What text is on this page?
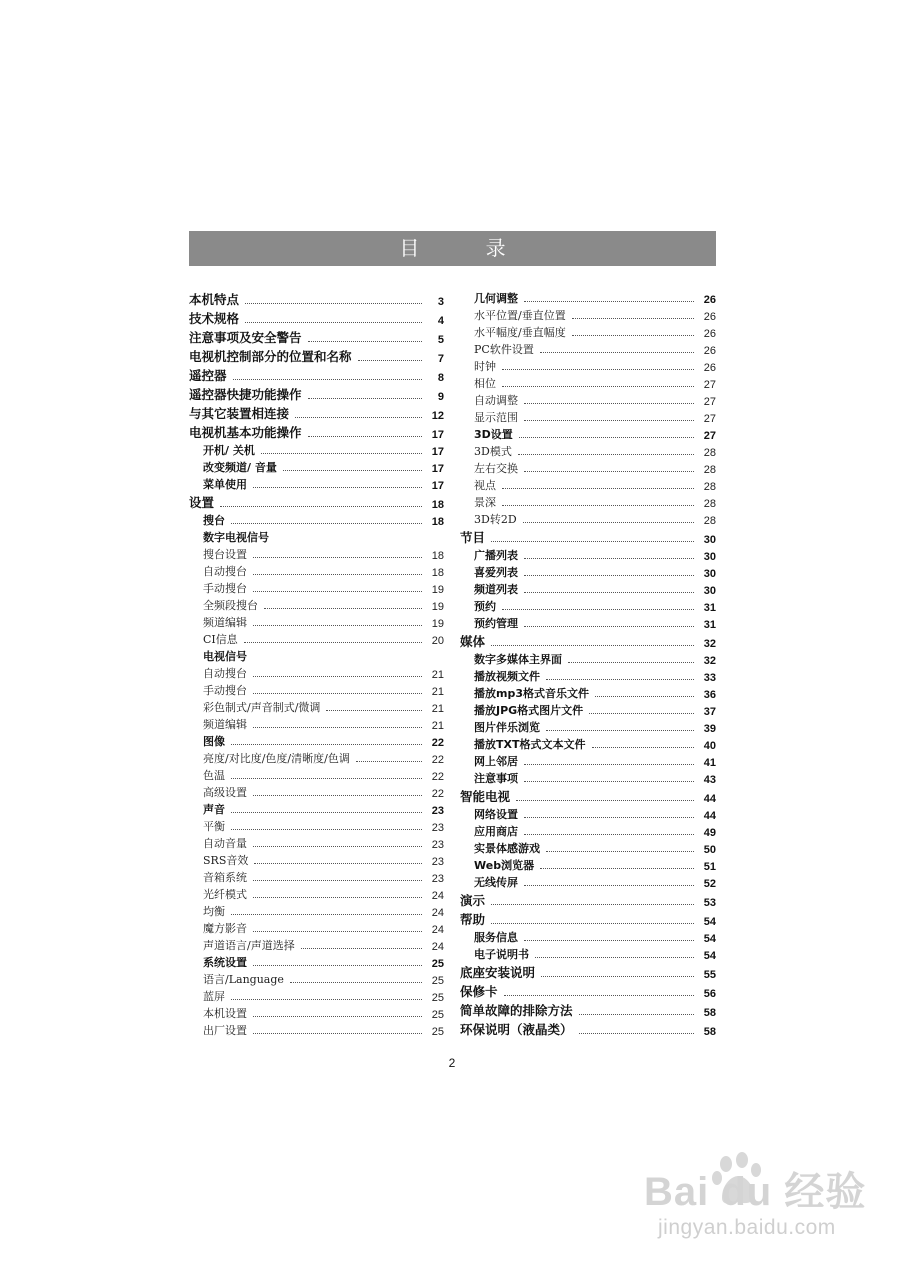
目 录
本机特点	3
技术规格	4
注意事项及安全警告	5
电视机控制部分的位置和名称	7
遥控器	8
遥控器快捷功能操作	9
与其它装置相连接	12
电视机基本功能操作	17
开机/ 关机	17
改变频道/ 音量	17
菜单使用	17
设置	18
搜台	18
数字电视信号
搜台设置	18
自动搜台	18
手动搜台	19
全频段搜台	19
频道编辑	19
CI信息	20
电视信号
自动搜台	21
手动搜台	21
彩色制式/声音制式/微调	21
频道编辑	21
图像	22
亮度/对比度/色度/清晰度/色调	22
色温	22
高级设置	22
声音	23
平衡	23
自动音量	23
SRS音效	23
音箱系统	23
光纤模式	24
均衡	24
魔方影音	24
声道语言/声道选择	24
系统设置	25
语言/Language	25
蓝屏	25
本机设置	25
出厂设置	25
几何调整	26
水平位置/垂直位置	26
水平幅度/垂直幅度	26
PC软件设置	26
时钟	26
相位	27
自动调整	27
显示范围	27
3D设置	27
3D模式	28
左右交换	28
视点	28
景深	28
3D转2D	28
节目	30
广播列表	30
喜爱列表	30
频道列表	30
预约	31
预约管理	31
媒体	32
数字多媒体主界面	32
播放视频文件	33
播放mp3格式音乐文件	36
播放JPG格式图片文件	37
图片伴乐浏览	39
播放TXT格式文本文件	40
网上邻居	41
注意事项	43
智能电视	44
网络设置	44
应用商店	49
实景体感游戏	50
Web浏览器	51
无线传屏	52
演示	53
帮助	54
服务信息	54
电子说明书	54
底座安装说明	55
保修卡	56
简单故障的排除方法	58
环保说明（液晶类）	58
2
Bai du 经验
jingyan.baidu.com
